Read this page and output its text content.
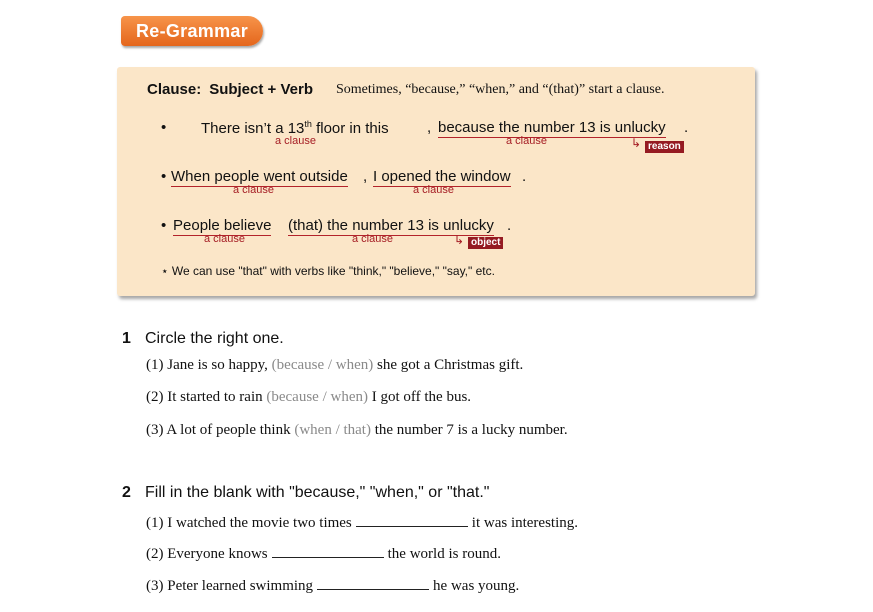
Re-Grammar
Clause: Subject + Verb Sometimes, “because,” “when,” and “(that)” start a clause.
• There isn’t a 13th floor in this	, because the number 13 is unlucky .
a clause	a clause	↳ reason
• When people went outside , I opened the window .
a clause	a clause
• People believe (that) the number 13 is unlucky .
a clause	a clause	↳ object
⋆ We can use "that" with verbs like "think," "believe," "say," etc.
1 Circle the right one.
(1) Jane is so happy, (because / when) she got a Christmas gift.
(2) It started to rain (because / when) I got off the bus.
(3) A lot of people think (when / that) the number 7 is a lucky number.
2 Fill in the blank with "because," "when," or "that."
(1) I watched the movie two times	it was interesting.
(2) Everyone knows	the world is round.
(3) Peter learned swimming	he was young.
